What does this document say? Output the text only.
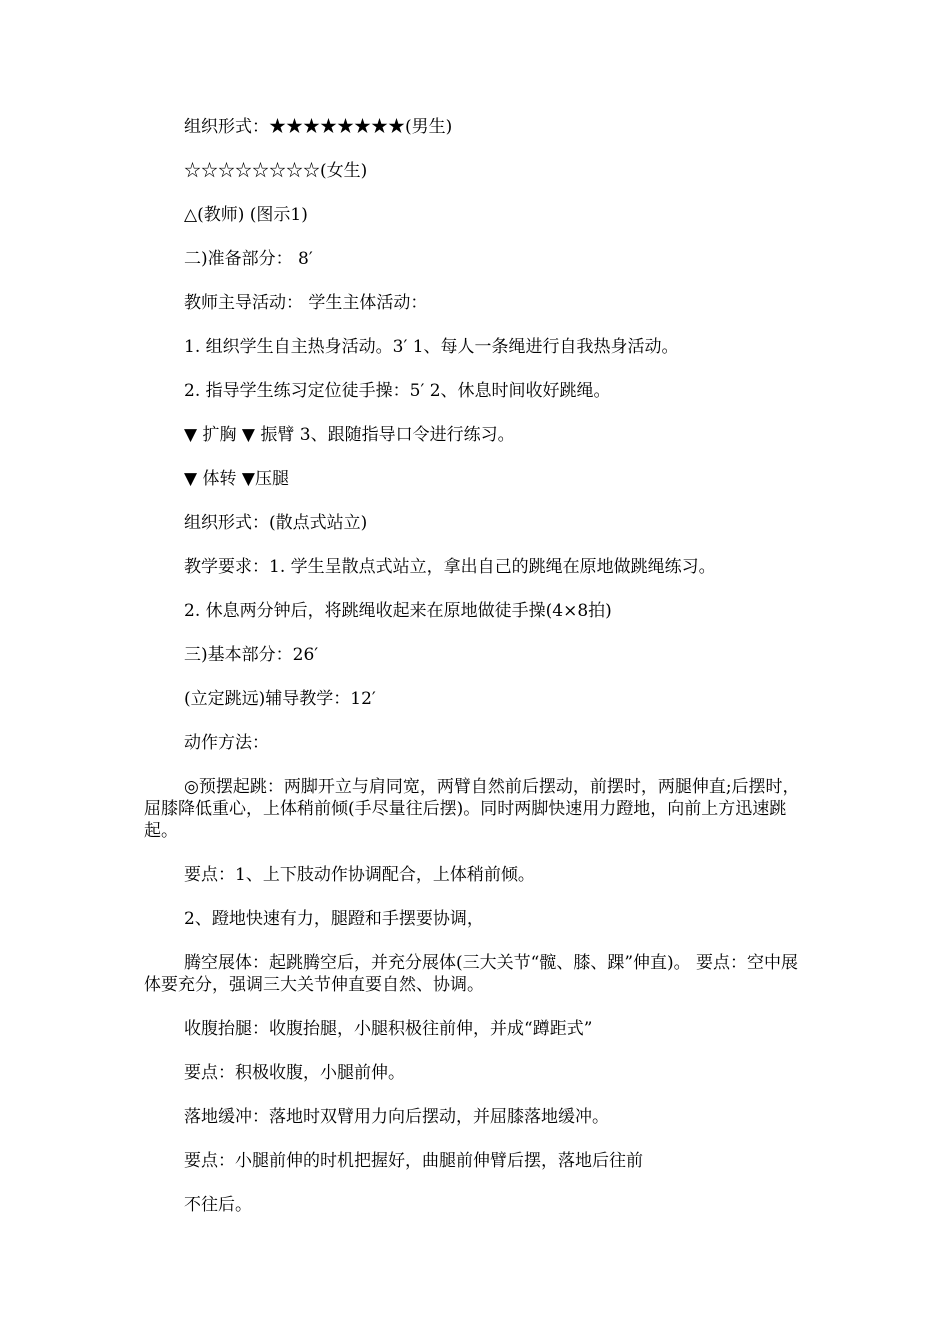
组织形式：★★★★★★★★(男生)

☆☆☆☆☆☆☆☆(女生)

△(教师) (图示1)

二)准备部分： 8′

教师主导活动： 学生主体活动：

1. 组织学生自主热身活动。3′ 1、每人一条绳进行自我热身活动。

2. 指导学生练习定位徒手操：5′ 2、休息时间收好跳绳。

▼ 扩胸 ▼ 振臂 3、跟随指导口令进行练习。

▼ 体转 ▼压腿

组织形式：(散点式站立)

教学要求：1. 学生呈散点式站立，拿出自己的跳绳在原地做跳绳练习。

2. 休息两分钟后，将跳绳收起来在原地做徒手操(4×8拍)

三)基本部分：26′

(立定跳远)辅导教学：12′

动作方法：

◎预摆起跳：两脚开立与肩同宽，两臂自然前后摆动，前摆时，两腿伸直;后摆时，屈膝降低重心，上体稍前倾(手尽量往后摆)。同时两脚快速用力蹬地，向前上方迅速跳起。

要点：1、上下肢动作协调配合，上体稍前倾。

2、蹬地快速有力，腿蹬和手摆要协调，

腾空展体：起跳腾空后，并充分展体(三大关节“髋、膝、踝”伸直)。 要点：空中展体要充分，强调三大关节伸直要自然、协调。

收腹抬腿：收腹抬腿，小腿积极往前伸，并成“蹲距式”

要点：积极收腹，小腿前伸。

落地缓冲：落地时双臂用力向后摆动，并屈膝落地缓冲。

要点：小腿前伸的时机把握好，曲腿前伸臂后摆，落地后往前

不往后。
